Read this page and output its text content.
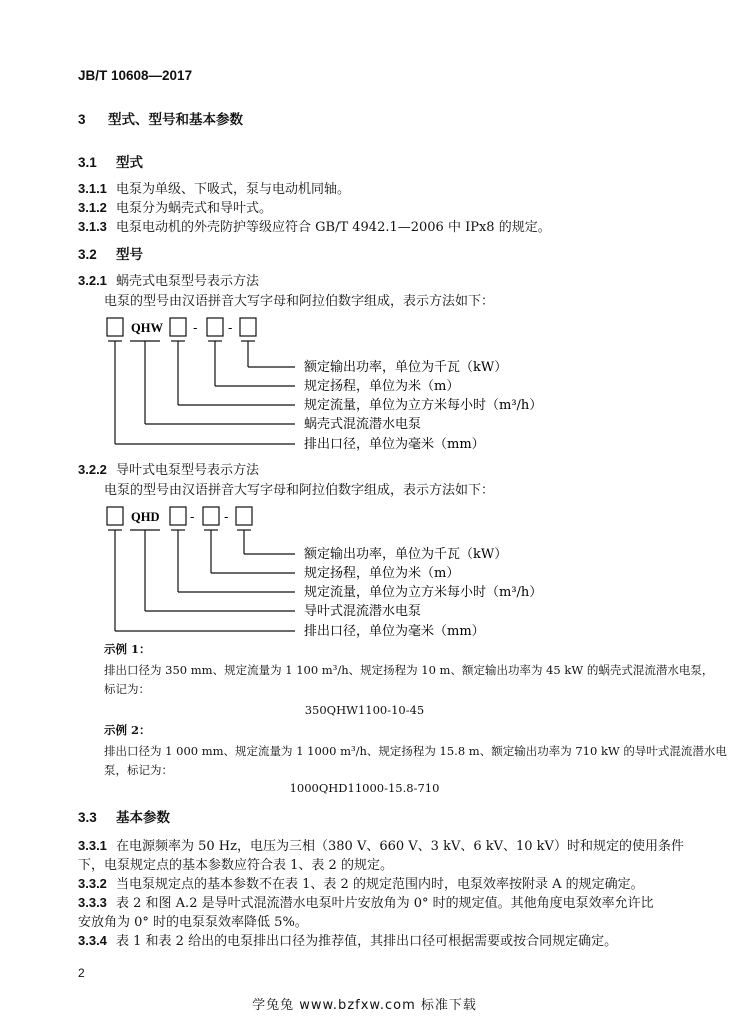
JB/T 10608—2017
3 型式、型号和基本参数
3.1 型式
3.1.1 电泵为单级、下吸式，泵与电动机同轴。
3.1.2 电泵分为蜗壳式和导叶式。
3.1.3 电泵电动机的外壳防护等级应符合 GB/T 4942.1—2006 中 IPx8 的规定。
3.2 型号
3.2.1 蜗壳式电泵型号表示方法
电泵的型号由汉语拼音大写字母和阿拉伯数字组成，表示方法如下：
QHW - -
额定输出功率，单位为千瓦（kW）
规定扬程，单位为米（m）
规定流量，单位为立方米每小时（m³/h）
蜗壳式混流潜水电泵
排出口径，单位为毫米（mm）
3.2.2 导叶式电泵型号表示方法
电泵的型号由汉语拼音大写字母和阿拉伯数字组成，表示方法如下：
QHD - -
额定输出功率，单位为千瓦（kW）
规定扬程，单位为米（m）
规定流量，单位为立方米每小时（m³/h）
导叶式混流潜水电泵
排出口径，单位为毫米（mm）
示例 1：
排出口径为 350 mm、规定流量为 1 100 m³/h、规定扬程为 10 m、额定输出功率为 45 kW 的蜗壳式混流潜水电泵，
标记为：
350QHW1100-10-45
示例 2：
排出口径为 1 000 mm、规定流量为 1 1000 m³/h、规定扬程为 15.8 m、额定输出功率为 710 kW 的导叶式混流潜水电
泵，标记为：
1000QHD11000-15.8-710
3.3 基本参数
3.3.1 在电源频率为 50 Hz，电压为三相（380 V、660 V、3 kV、6 kV、10 kV）时和规定的使用条件
下，电泵规定点的基本参数应符合表 1、表 2 的规定。
3.3.2 当电泵规定点的基本参数不在表 1、表 2 的规定范围内时，电泵效率按附录 A 的规定确定。
3.3.3 表 2 和图 A.2 是导叶式混流潜水电泵叶片安放角为 0° 时的规定值。其他角度电泵效率允许比
安放角为 0° 时的电泵泵效率降低 5%。
3.3.4 表 1 和表 2 给出的电泵排出口径为推荐值，其排出口径可根据需要或按合同规定确定。
2
学兔兔 www.bzfxw.com 标准下载
